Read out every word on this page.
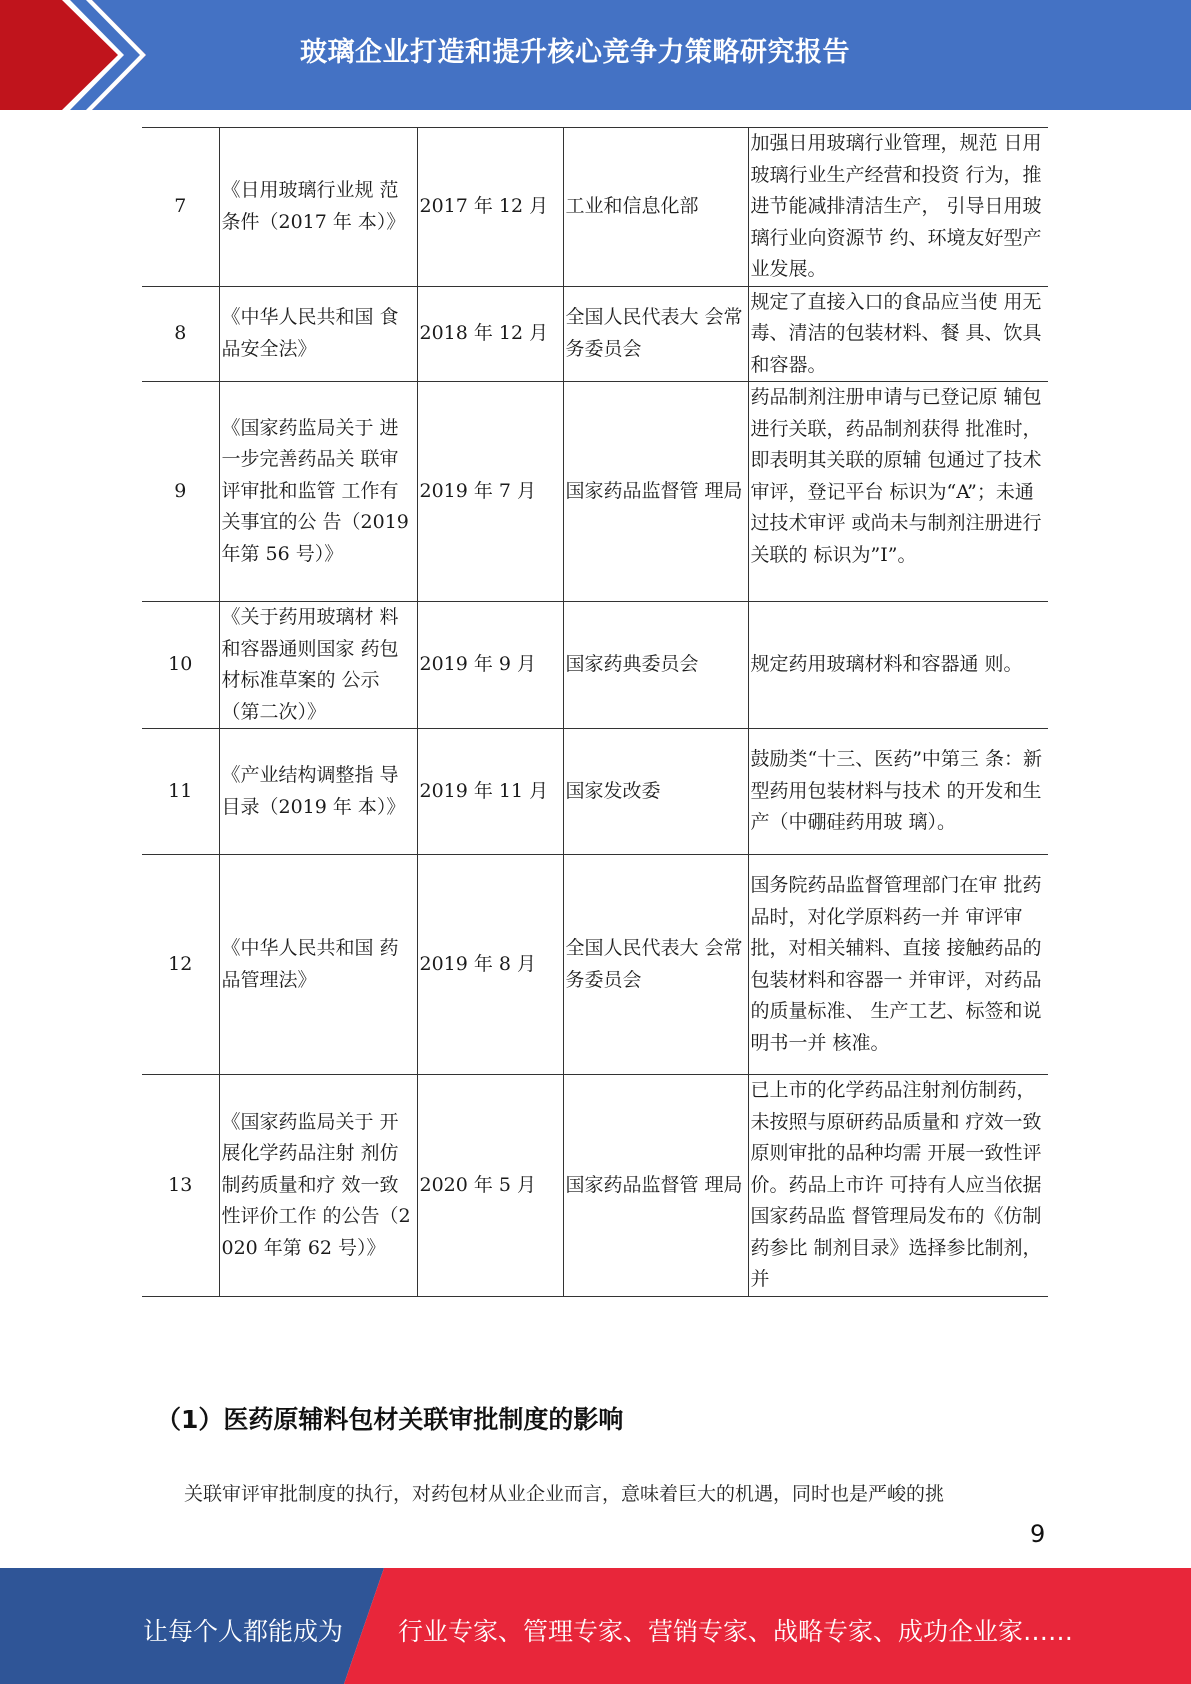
玻璃企业打造和提升核心竞争力策略研究报告
7	《日用玻璃行业规 范条件（2017 年 本）》	2017 年 12 月	工业和信息化部	加强日用玻璃行业管理，规范 日用玻璃行业生产经营和投资 行为，推进节能减排清洁生产， 引导日用玻璃行业向资源节 约、环境友好型产业发展。
8	《中华人民共和国 食品安全法》	2018 年 12 月	全国人民代表大 会常务委员会	规定了直接入口的食品应当使 用无毒、清洁的包装材料、餐 具、饮具和容器。
9	《国家药监局关于 进一步完善药品关 联审评审批和监管 工作有关事宜的公 告（2019 年第 56 号）》	2019 年 7 月	国家药品监督管 理局	药品制剂注册申请与已登记原 辅包进行关联，药品制剂获得 批准时，即表明其关联的原辅 包通过了技术审评，登记平台 标识为“A”；未通过技术审评 或尚未与制剂注册进行关联的 标识为”I”。
10	《关于药用玻璃材 料和容器通则国家 药包材标准草案的 公示（第二次）》	2019 年 9 月	国家药典委员会	规定药用玻璃材料和容器通 则。
11	《产业结构调整指 导目录（2019 年 本）》	2019 年 11 月	国家发改委	鼓励类“十三、医药”中第三 条：新型药用包装材料与技术 的开发和生产（中硼硅药用玻 璃）。
12	《中华人民共和国 药品管理法》	2019 年 8 月	全国人民代表大 会常务委员会	国务院药品监督管理部门在审 批药品时，对化学原料药一并 审评审批，对相关辅料、直接 接触药品的包装材料和容器一 并审评，对药品的质量标准、 生产工艺、标签和说明书一并 核准。
13	《国家药监局关于 开展化学药品注射 剂仿制药质量和疗 效一致性评价工作 的公告（2020 年第 62 号）》	2020 年 5 月	国家药品监督管 理局	已上市的化学药品注射剂仿制药，未按照与原研药品质量和 疗效一致原则审批的品种均需 开展一致性评价。药品上市许 可持有人应当依据国家药品监 督管理局发布的《仿制药参比 制剂目录》选择参比制剂，并
（1）医药原辅料包材关联审批制度的影响
关联审评审批制度的执行，对药包材从业企业而言，意味着巨大的机遇，同时也是严峻的挑
9
让每个人都能成为 行业专家、管理专家、营销专家、战略专家、成功企业家……
